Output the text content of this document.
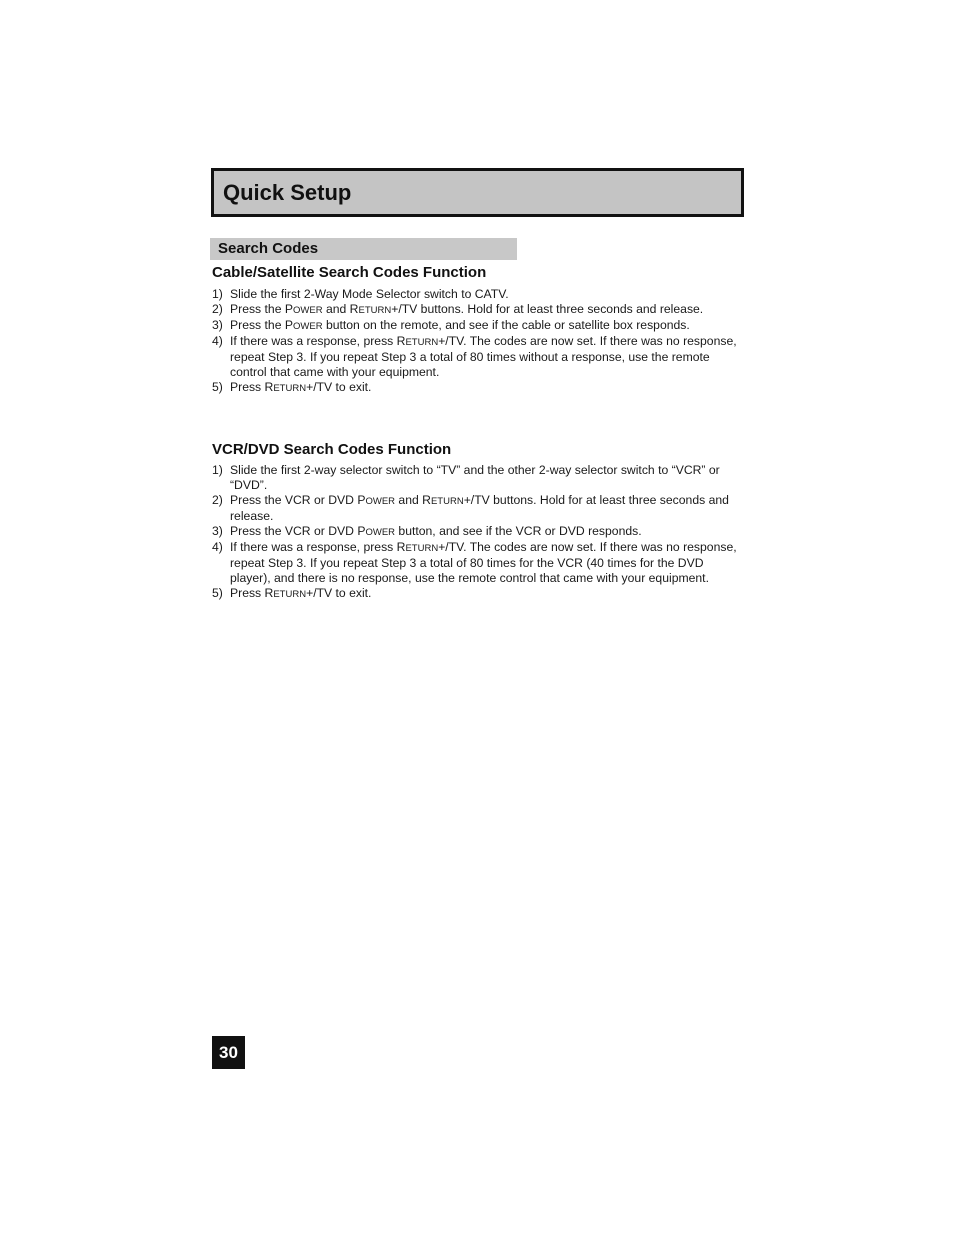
Quick Setup
Search Codes
Cable/Satellite Search Codes Function
1) Slide the first 2-Way Mode Selector switch to CATV.
2) Press the POWER and RETURN+/TV buttons. Hold for at least three seconds and release.
3) Press the POWER button on the remote, and see if the cable or satellite box responds.
4) If there was a response, press RETURN+/TV. The codes are now set. If there was no response, repeat Step 3. If you repeat Step 3 a total of 80 times without a response, use the remote control that came with your equipment.
5) Press RETURN+/TV to exit.
VCR/DVD Search Codes Function
1) Slide the first 2-way selector switch to “TV” and the other 2-way selector switch to “VCR” or “DVD”.
2) Press the VCR or DVD POWER and RETURN+/TV buttons. Hold for at least three seconds and release.
3) Press the VCR or DVD POWER button, and see if the VCR or DVD responds.
4) If there was a response, press RETURN+/TV. The codes are now set. If there was no response, repeat Step 3. If you repeat Step 3 a total of 80 times for the VCR (40 times for the DVD player), and there is no response, use the remote control that came with your equipment.
5) Press RETURN+/TV to exit.
30
